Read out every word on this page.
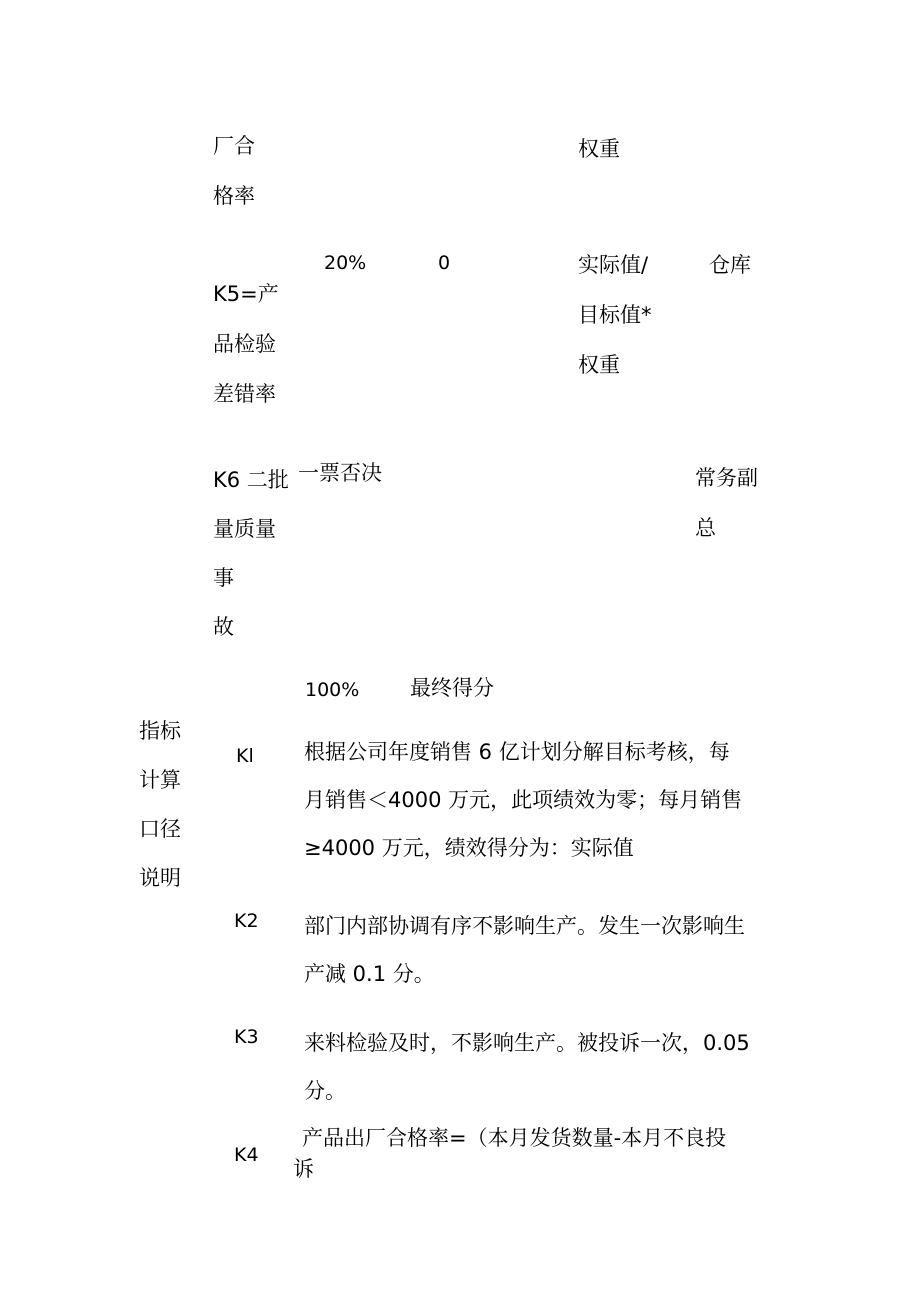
厂合
格率
权重
20%	0	实际值/
目标值*
权重
仓库
K5=产
品检验
差错率
一票否决
K6 二批
量质量
事
故
常务副
总
100% 最终得分
指标
计算
口径
说明
Kl 根据公司年度销售 6 亿计划分解目标考核，每
月销售＜4000 万元，此项绩效为零；每月销售
≥4000 万元，绩效得分为：实际值
K2 部门内部协调有序不影响生产。发生一次影响生
产减 0.1 分。
K3 来料检验及时，不影响生产。被投诉一次，0.05
分。
K4
产品出厂合格率=（本月发货数量-本月不良投
诉
